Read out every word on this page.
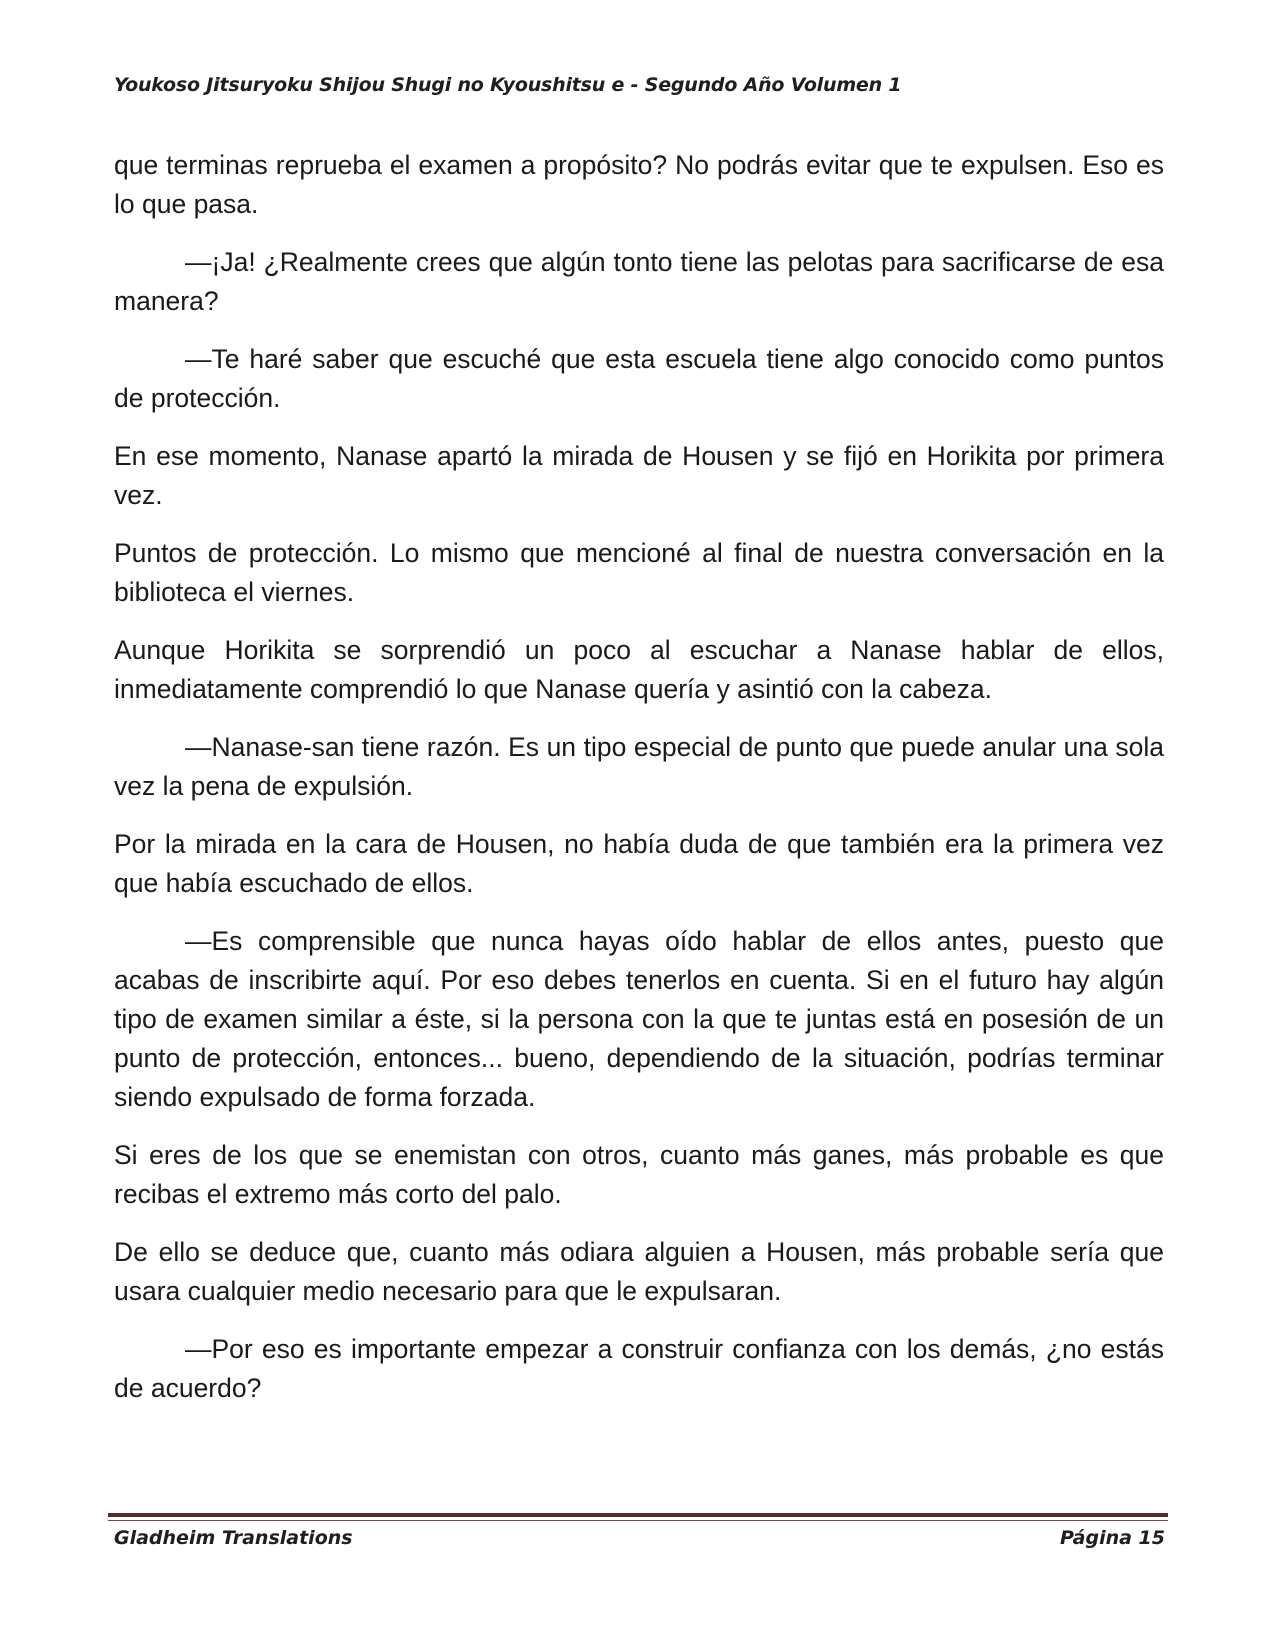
Youkoso Jitsuryoku Shijou Shugi no Kyoushitsu e - Segundo Año Volumen 1

que terminas reprueba el examen a propósito? No podrás evitar que te expulsen. Eso es lo que pasa.

—¡Ja! ¿Realmente crees que algún tonto tiene las pelotas para sacrificarse de esa manera?

—Te haré saber que escuché que esta escuela tiene algo conocido como puntos de protección.

En ese momento, Nanase apartó la mirada de Housen y se fijó en Horikita por primera vez.

Puntos de protección. Lo mismo que mencioné al final de nuestra conversación en la biblioteca el viernes.

Aunque Horikita se sorprendió un poco al escuchar a Nanase hablar de ellos, inmediatamente comprendió lo que Nanase quería y asintió con la cabeza.

—Nanase-san tiene razón. Es un tipo especial de punto que puede anular una sola vez la pena de expulsión.

Por la mirada en la cara de Housen, no había duda de que también era la primera vez que había escuchado de ellos.

—Es comprensible que nunca hayas oído hablar de ellos antes, puesto que acabas de inscribirte aquí. Por eso debes tenerlos en cuenta. Si en el futuro hay algún tipo de examen similar a éste, si la persona con la que te juntas está en posesión de un punto de protección, entonces... bueno, dependiendo de la situación, podrías terminar siendo expulsado de forma forzada.

Si eres de los que se enemistan con otros, cuanto más ganes, más probable es que recibas el extremo más corto del palo.

De ello se deduce que, cuanto más odiara alguien a Housen, más probable sería que usara cualquier medio necesario para que le expulsaran.

—Por eso es importante empezar a construir confianza con los demás, ¿no estás de acuerdo?

Gladheim Translations	Página 15
